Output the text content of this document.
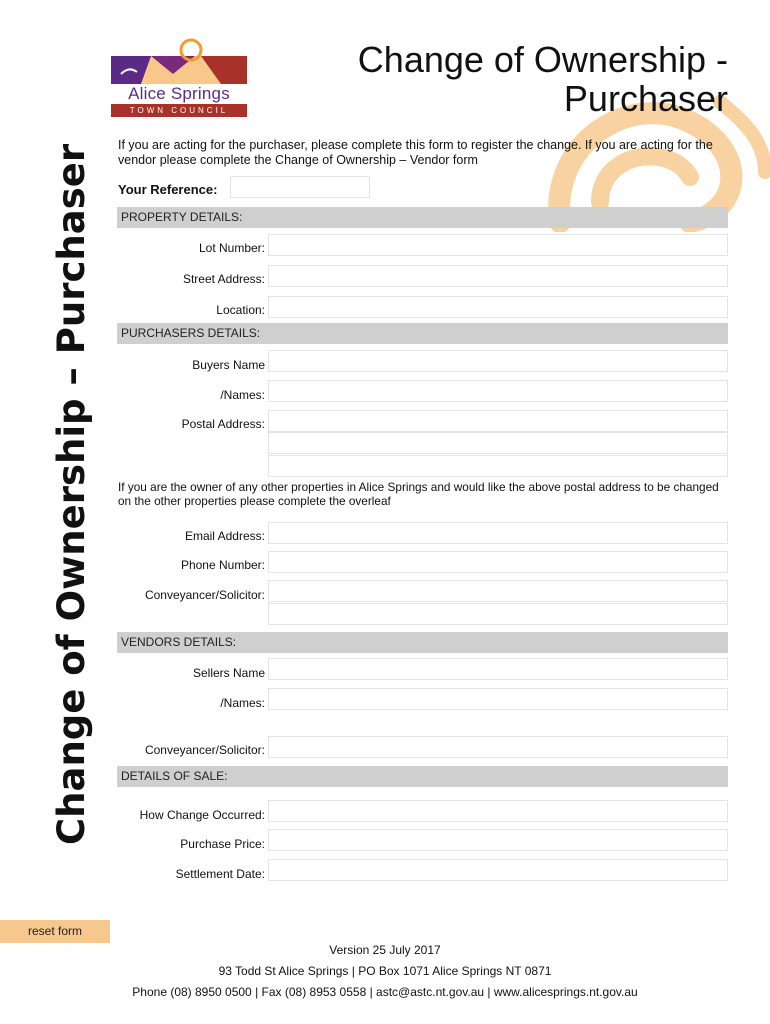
Alice Springs
TOWN COUNCIL
Change of Ownership -
Purchaser
Change of Ownership – Purchaser If you are acting for the purchaser, please complete this form to register the change. If you are acting for the vendor please complete the Change of Ownership – Vendor form
Your Reference:
PROPERTY DETAILS:
Lot Number:
Street Address:
Location:
PURCHASERS DETAILS:
Buyers Name
/Names:
Postal Address:
If you are the owner of any other properties in Alice Springs and would like the above postal address to be changed on the other properties please complete the overleaf
Email Address:
Phone Number:
Conveyancer/Solicitor:
VENDORS DETAILS:
Sellers Name
/Names:
Conveyancer/Solicitor:
DETAILS OF SALE:
How Change Occurred:
Purchase Price:
Settlement Date:
reset form
Version 25 July 2017
93 Todd St Alice Springs | PO Box 1071 Alice Springs NT 0871
Phone (08) 8950 0500 | Fax (08) 8953 0558 | astc@astc.nt.gov.au | www.alicesprings.nt.gov.au
